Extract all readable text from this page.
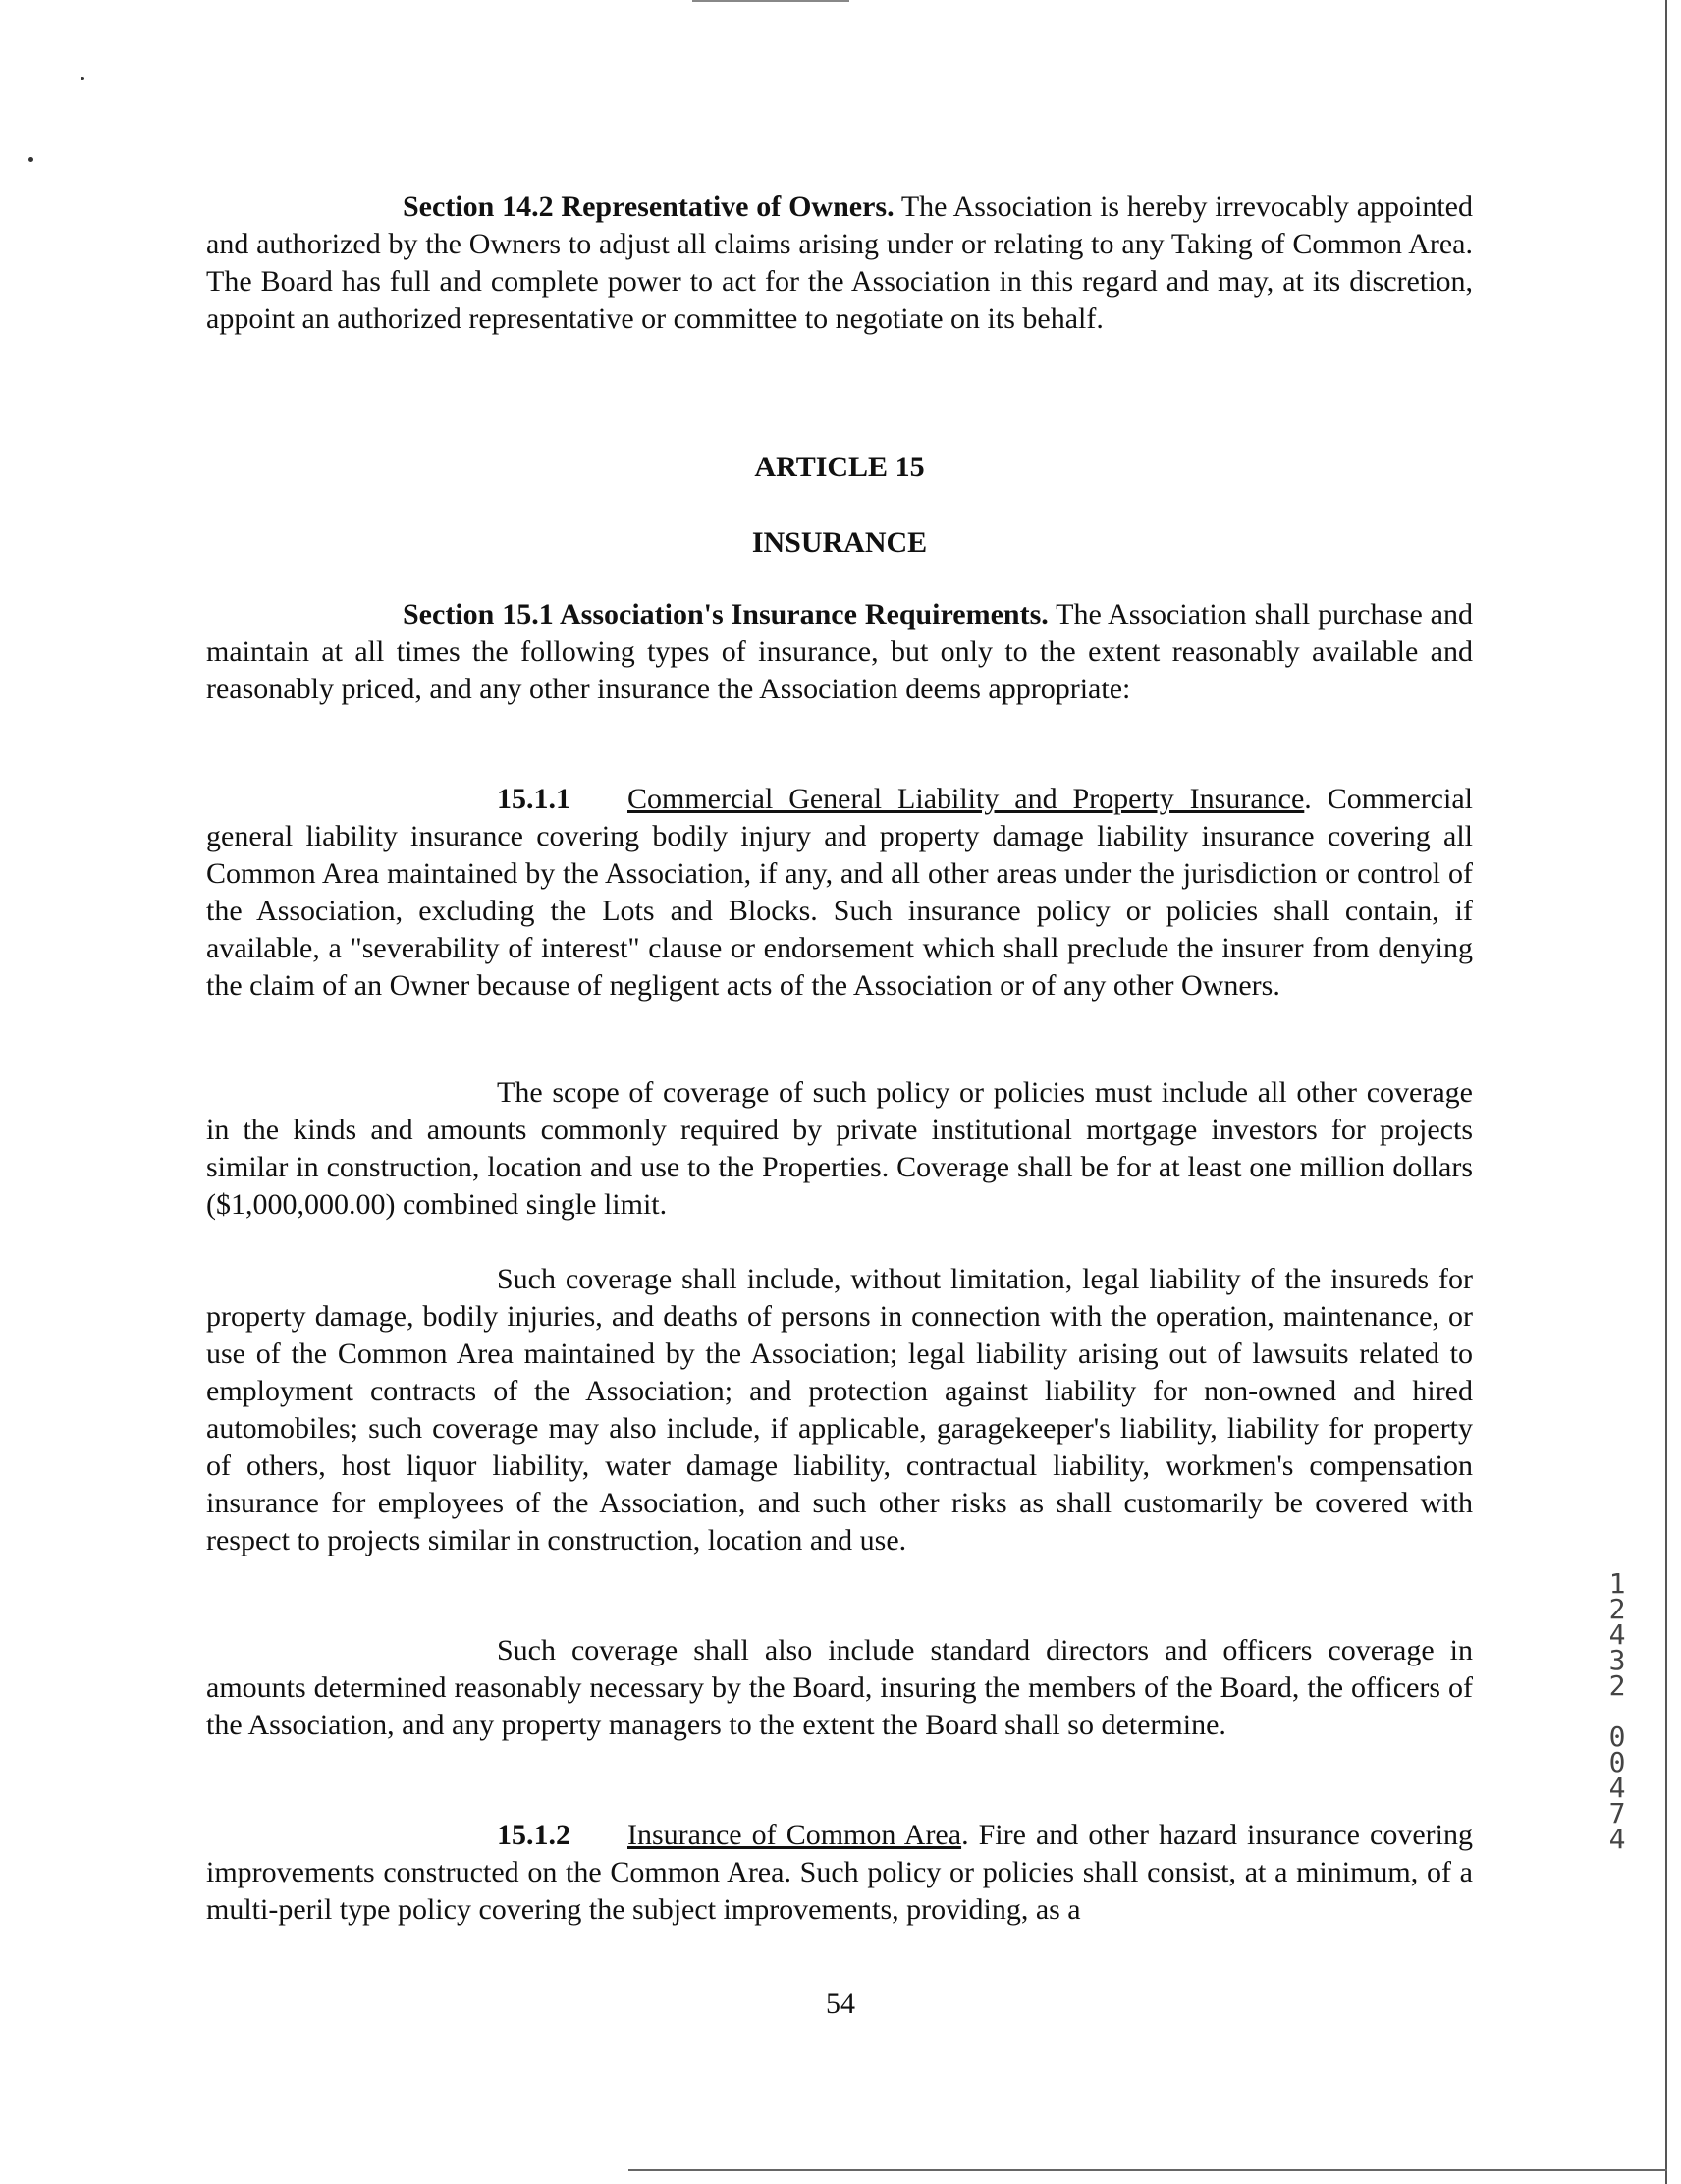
Section 14.2 Representative of Owners. The Association is hereby irrevocably appointed and authorized by the Owners to adjust all claims arising under or relating to any Taking of Common Area. The Board has full and complete power to act for the Association in this regard and may, at its discretion, appoint an authorized representative or committee to negotiate on its behalf.

ARTICLE 15
INSURANCE

Section 15.1 Association's Insurance Requirements. The Association shall purchase and maintain at all times the following types of insurance, but only to the extent reasonably available and reasonably priced, and any other insurance the Association deems appropriate:

15.1.1 Commercial General Liability and Property Insurance. Commercial general liability insurance covering bodily injury and property damage liability insurance covering all Common Area maintained by the Association, if any, and all other areas under the jurisdiction or control of the Association, excluding the Lots and Blocks. Such insurance policy or policies shall contain, if available, a "severability of interest" clause or endorsement which shall preclude the insurer from denying the claim of an Owner because of negligent acts of the Association or of any other Owners.

The scope of coverage of such policy or policies must include all other coverage in the kinds and amounts commonly required by private institutional mortgage investors for projects similar in construction, location and use to the Properties. Coverage shall be for at least one million dollars ($1,000,000.00) combined single limit.

Such coverage shall include, without limitation, legal liability of the insureds for property damage, bodily injuries, and deaths of persons in connection with the operation, maintenance, or use of the Common Area maintained by the Association; legal liability arising out of lawsuits related to employment contracts of the Association; and protection against liability for non-owned and hired automobiles; such coverage may also include, if applicable, garagekeeper's liability, liability for property of others, host liquor liability, water damage liability, contractual liability, workmen's compensation insurance for employees of the Association, and such other risks as shall customarily be covered with respect to projects similar in construction, location and use.

Such coverage shall also include standard directors and officers coverage in amounts determined reasonably necessary by the Board, insuring the members of the Board, the officers of the Association, and any property managers to the extent the Board shall so determine.

15.1.2 Insurance of Common Area. Fire and other hazard insurance covering improvements constructed on the Common Area. Such policy or policies shall consist, at a minimum, of a multi-peril type policy covering the subject improvements, providing, as a

54
1
2
4
3
2
0
0
4
7
4
